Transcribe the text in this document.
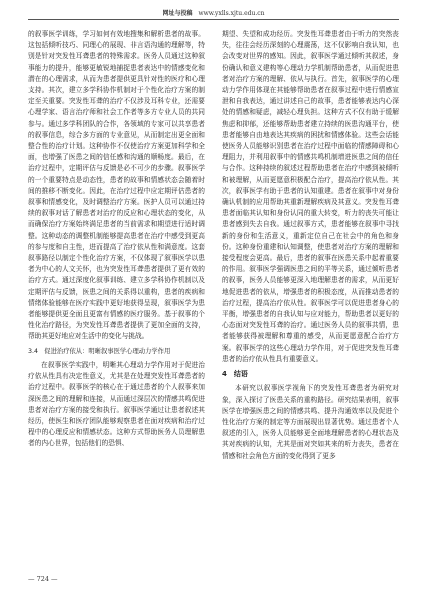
网址与投稿 www.yxlls.xjtu.edu.cn

的叙事医学训练，学习如何有效地搜集和解析患者的故事。这包括倾听技巧、同理心的展现、非言语沟通的理解等，特别是针对突发性耳聋患者的特殊需求。医务人员通过这种叙事能力的提升，能够更敏锐地捕捉患者表达中的情感变化和潜在的心理需求，从而为患者提供更具针对性的医疗和心理支持。其次，建立多学科协作机制对于个性化治疗方案的制定至关重要。突发性耳聋的治疗不仅涉及耳科专业，还需要心理学家、语言治疗师和社会工作者等多方专业人员的共同参与。通过多学科团队的合作，各领域的专家可以共享患者的叙事信息，综合多方面的专业意见，从而制定出更全面和整合性的治疗计划。这种协作不仅使治疗方案更加科学和全面，也增强了医患之间的信任感和沟通的顺畅度。最后，在治疗过程中，定期评估与反馈是必不可少的步骤。叙事医学的一个重要特点是动态性，患者的故事和情感状态会随着时间的推移不断变化。因此，在治疗过程中应定期评估患者的叙事和情感变化，及时调整治疗方案。医护人员可以通过持续的叙事对话了解患者对治疗的反应和心理状态的变化，从而确保治疗方案始终满足患者的当前需求和期望进行适时调整。这种动态的调整机制能够提高患者在治疗中感受到更高的参与度和自主性，进而提高了治疗依从性和满意度。这套叙事路径以制定个性化治疗方案，不仅体现了叙事医学以患者为中心的人文关怀，也为突发性耳聋患者提供了更有效的治疗方式。通过深度化叙事训练、建立多学科协作机制以及定期评估与反馈，医患之间的关系得以重构，患者的疾病和情绪体验能够在医疗实践中更好地获得呈现，叙事医学为患者能够提供更全面且更富有情感的医疗服务。基于叙事的个性化治疗路径，为突发性耳聋患者提供了更加全面的支持，帮助其更好地应对生活中的变化与挑战。

3.4　促进治疗依从：明晰叙事医学心理动力学作用

在叙事医学实践中，明晰其心理动力学作用对于促进治疗依从性具有决定性意义，尤其是在处理突发性耳聋患者的治疗过程中。叙事医学的核心在于通过患者的个人叙事来加深医患之间的理解和连接，从而通过深层次的情感共鸣促进患者对治疗方案的接受和执行。叙事医学通过让患者叙述其经历，使医生和医疗团队能够观察患者在面对疾病和治疗过程中的心理反应和情感状态。这种方式帮助医务人员理解患者的内心世界，包括他们的恐惧、

期望、失望和成功经历。突发性耳聋患者由于听力的突然丧失，往往会经历深刻的心理震荡，这不仅影响自我认知，也会改变对世界的感知。因此，叙事医学通过倾听其叙述，身份确认和意义建构等心理动力学机制帮助患者，从而促进患者对治疗方案的理解、依从与执行。首先，叙事医学的心理动力学作用体现在其能够帮助患者在叙事过程中进行情感宣泄和自我表达，通过讲述自己的故事，患者能够表达内心深处的情感和疑虑，减轻心理负担。这种方式不仅有助于缓解焦虑和抑郁，还能够帮助患者建立持续的医患沟通平台，使患者能够自由地表达其疾病的困扰和情感体验。这些会话能使医务人员能够识别患者在治疗过程中面临的情感障碍和心理阻力，并利用叙事中的情感共鸣机制增进医患之间的信任与合作。这种持续的叙述过程帮助患者在治疗中感到被倾听和被理解，从而更愿意积极配合治疗，提高治疗依从性。其次，叙事医学有助于患者的认知重建。患者在叙事中对身份确认机制的应用帮助其重新理解疾病及其意义。突发性耳聋患者面临其认知和身份认同的重大转变，听力的丧失可能让患者感到失去自我。通过叙事方式，患者能够在叙事中寻找新的身份和生活意义，重新定位自己在社会中的角色和身份。这种身份重建和认知调整，使患者对治疗方案的理解和接受程度会更高。最后，患者的叙事在医患关系中起着重要的作用。叙事医学强调医患之间的平等关系，通过倾听患者的叙事，医务人员能够更深入地理解患者的需求，从而更好地促进患者的依从，增强患者的积极态度，从而推动患者的治疗过程，提高治疗依从性。叙事医学可以促进患者身心的平衡，增强患者的自我认知与应对能力，帮助患者以更好的心态面对突发性耳聋的治疗。通过医务人员的叙事共情，患者能够获得被理解和尊重的感受，从而更愿意配合治疗方案。叙事医学的这些心理动力学作用，对于促进突发性耳聋患者的治疗依从性具有重要意义。

4　结语

本研究以叙事医学视角下的突发性耳聋患者为研究对象，深入探讨了医患关系的重构路径。研究结果表明，叙事医学在增强医患之间的情感共鸣、提升沟通效率以及促进个性化治疗方案的制定等方面展现出显著优势。通过患者个人叙述的引入，医务人员能够更全面地理解患者的心理状态及其对疾病的认知，尤其是面对突如其来的听力丧失，患者在情感和社会角色方面的变化得到了更多

— 724 —
